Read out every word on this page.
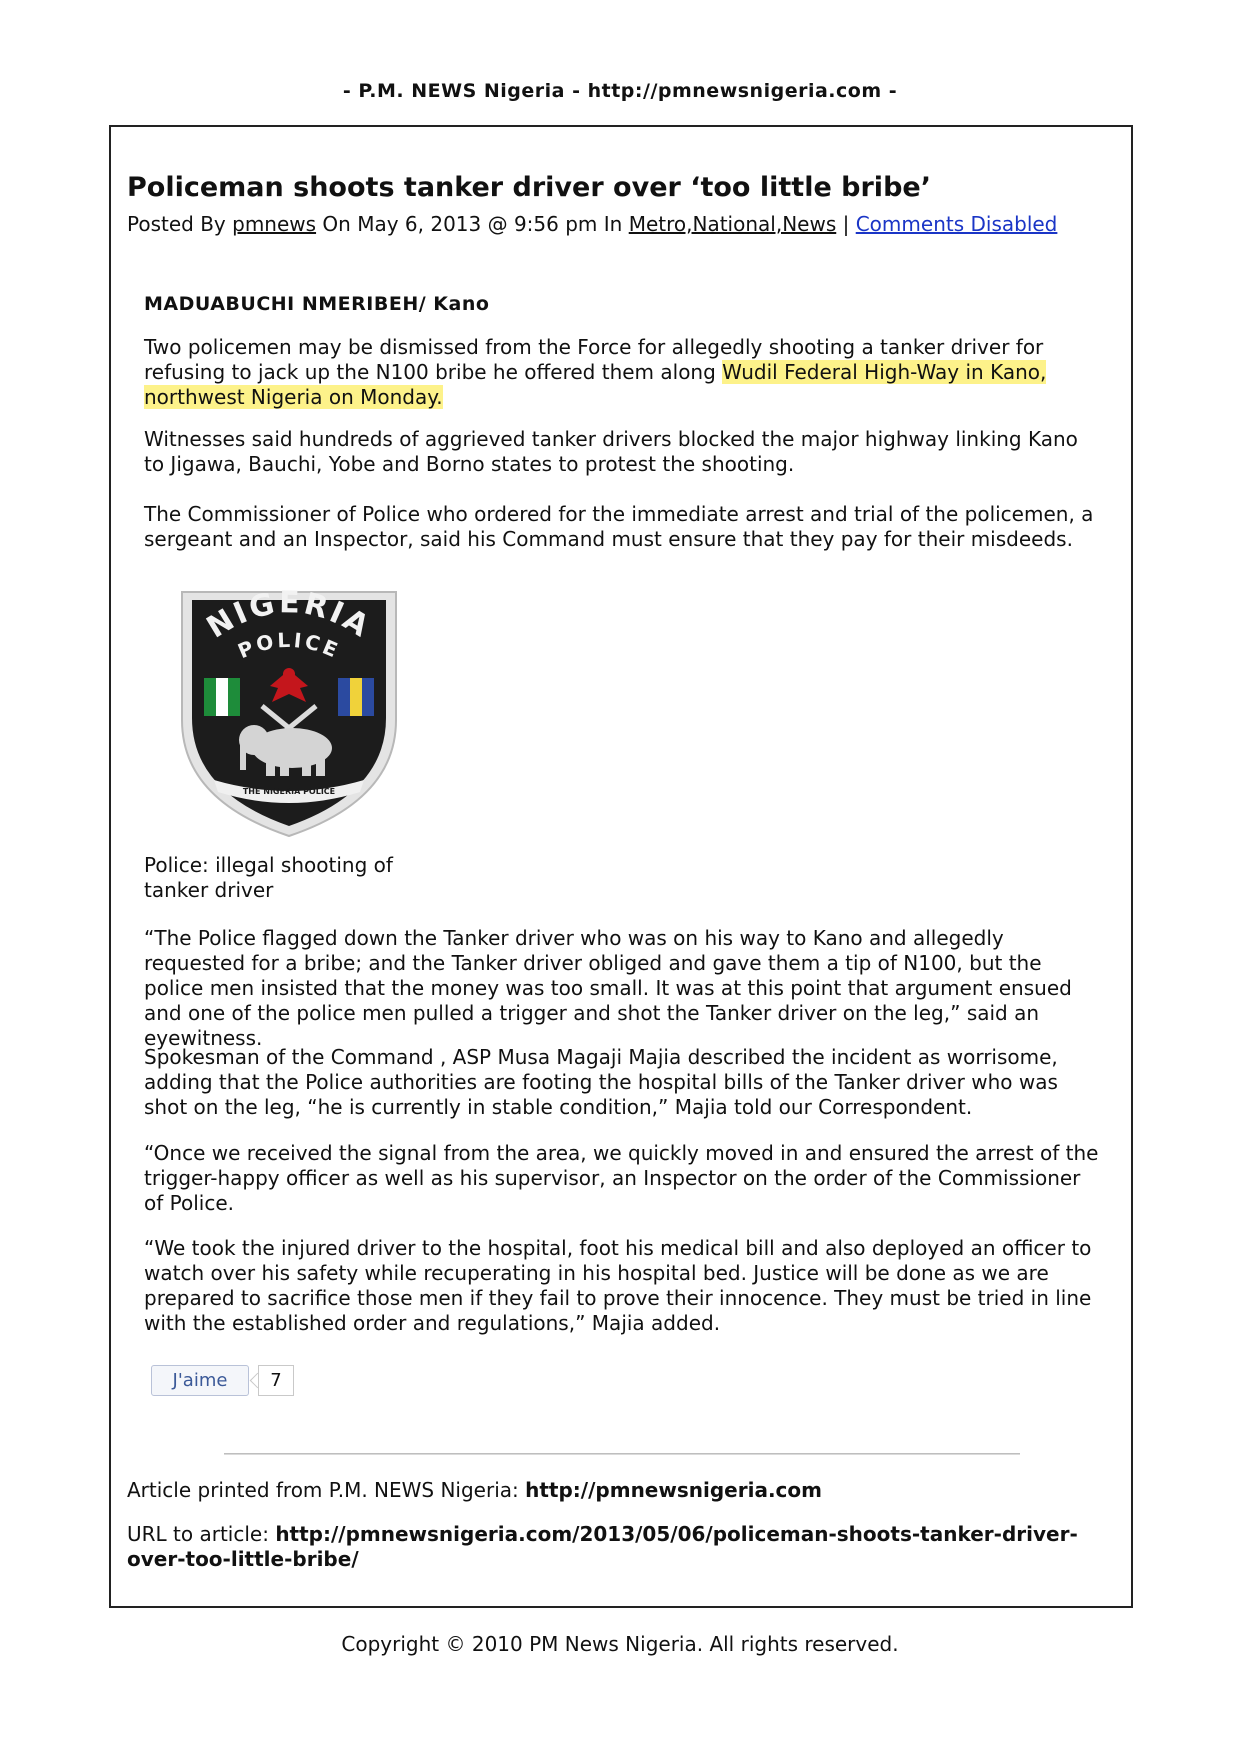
- P.M. NEWS Nigeria - http://pmnewsnigeria.com -
Policeman shoots tanker driver over ‘too little bribe’
Posted By pmnews On May 6, 2013 @ 9:56 pm In Metro,National,News | Comments Disabled
MADUABUCHI NMERIBEH/ Kano

Two policemen may be dismissed from the Force for allegedly shooting a tanker driver for refusing to jack up the N100 bribe he offered them along Wudil Federal High-Way in Kano, northwest Nigeria on Monday.

Witnesses said hundreds of aggrieved tanker drivers blocked the major highway linking Kano to Jigawa, Bauchi, Yobe and Borno states to protest the shooting.

The Commissioner of Police who ordered for the immediate arrest and trial of the policemen, a sergeant and an Inspector, said his Command must ensure that they pay for their misdeeds.

NIGERIA
POLICE
THE NIGERIA POLICE
Police: illegal shooting of tanker driver

“The Police flagged down the Tanker driver who was on his way to Kano and allegedly requested for a bribe; and the Tanker driver obliged and gave them a tip of N100, but the police men insisted that the money was too small. It was at this point that argument ensued and one of the police men pulled a trigger and shot the Tanker driver on the leg,” said an eyewitness.

Spokesman of the Command , ASP Musa Magaji Majia described the incident as worrisome, adding that the Police authorities are footing the hospital bills of the Tanker driver who was shot on the leg, “he is currently in stable condition,” Majia told our Correspondent.

“Once we received the signal from the area, we quickly moved in and ensured the arrest of the trigger-happy officer as well as his supervisor, an Inspector on the order of the Commissioner of Police.

“We took the injured driver to the hospital, foot his medical bill and also deployed an officer to watch over his safety while recuperating in his hospital bed. Justice will be done as we are prepared to sacrifice those men if they fail to prove their innocence. They must be tried in line with the established order and regulations,” Majia added.

J'aime	7
Article printed from P.M. NEWS Nigeria: http://pmnewsnigeria.com
URL to article: http://pmnewsnigeria.com/2013/05/06/policeman-shoots-tanker-driver-over-too-little-bribe/
Copyright © 2010 PM News Nigeria. All rights reserved.
